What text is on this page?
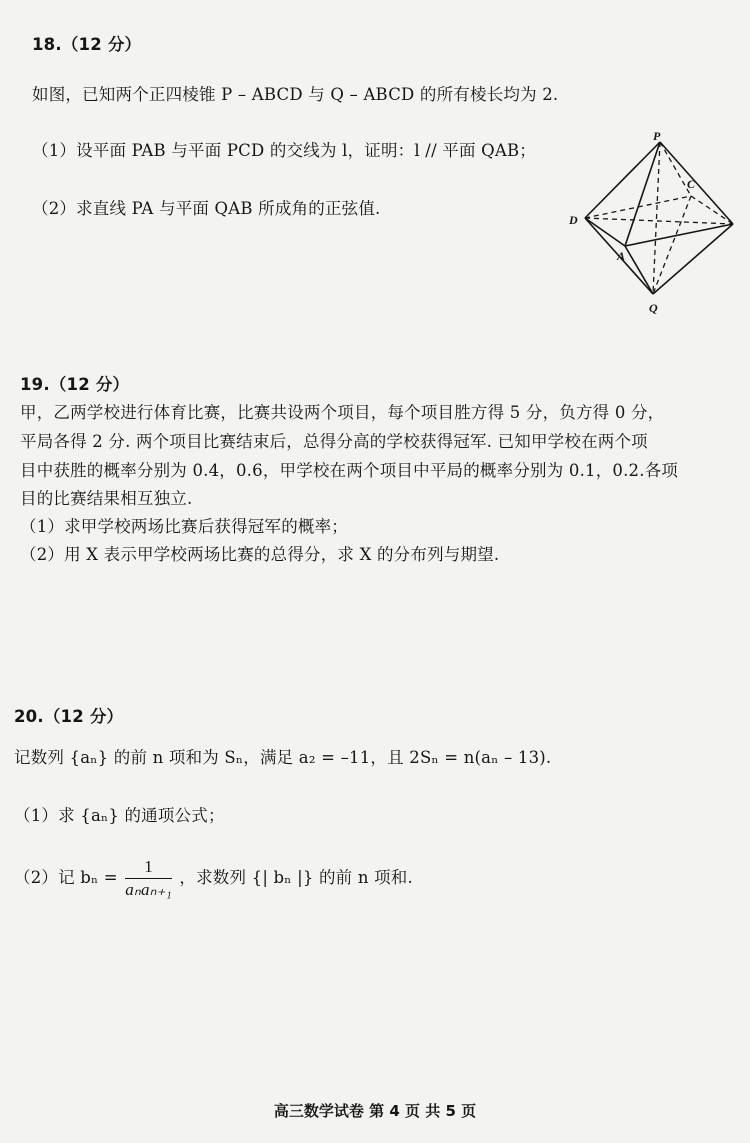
18.（12 分）
如图，已知两个正四棱锥 P – ABCD 与 Q – ABCD 的所有棱长均为 2.
（1）设平面 PAB 与平面 PCD 的交线为 l，证明：l // 平面 QAB；
（2）求直线 PA 与平面 QAB 所成角的正弦值.
P
C
D
A
Q
19.（12 分）
甲，乙两学校进行体育比赛，比赛共设两个项目，每个项目胜方得 5 分，负方得 0 分，
平局各得 2 分. 两个项目比赛结束后，总得分高的学校获得冠军. 已知甲学校在两个项
目中获胜的概率分别为 0.4，0.6，甲学校在两个项目中平局的概率分别为 0.1，0.2.各项
目的比赛结果相互独立.
（1）求甲学校两场比赛后获得冠军的概率；
（2）用 X 表示甲学校两场比赛的总得分，求 X 的分布列与期望.
20.（12 分）
记数列 {aₙ} 的前 n 项和为 Sₙ，满足 a₂ = –11，且 2Sₙ = n(aₙ – 13).
（1）求 {aₙ} 的通项公式；
（2）记 $b_n = \frac{1}{\text{aₙaₙ₊₁}}$ ，求数列 {| bₙ |} 的前 n 项和.
高三数学试卷 第 4 页 共 5 页
